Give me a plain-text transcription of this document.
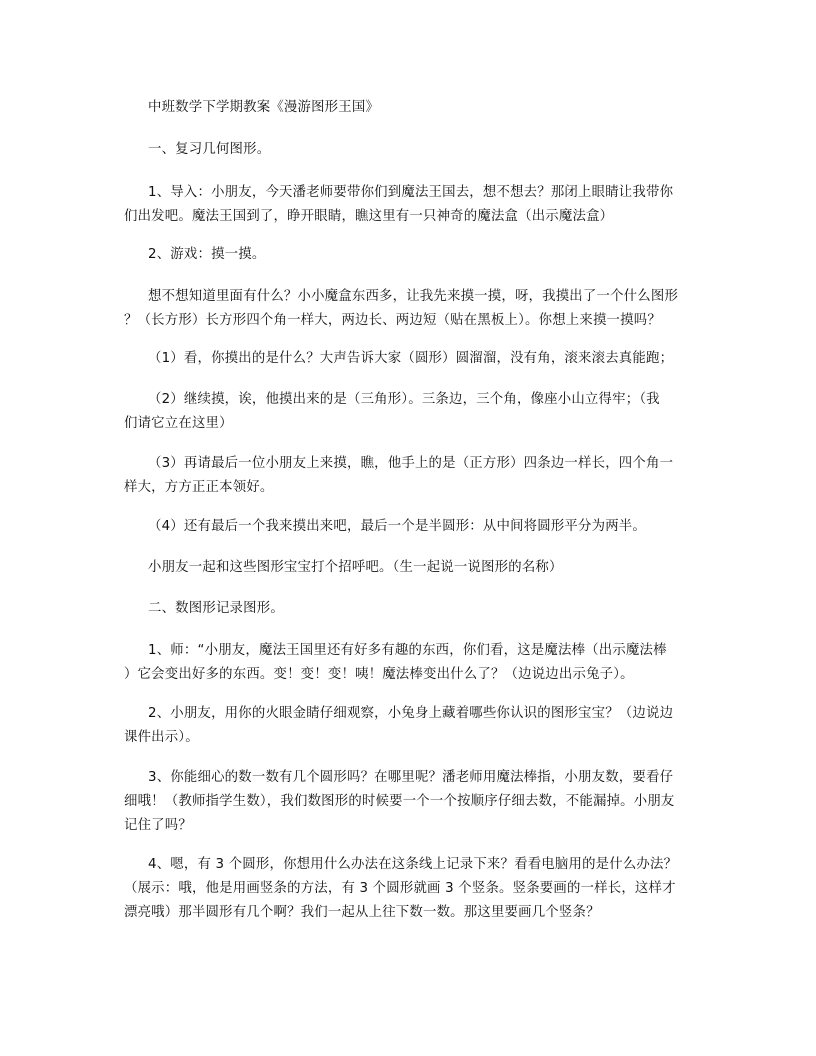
中班数学下学期教案《漫游图形王国》

一、复习几何图形。

1、导入：小朋友，今天潘老师要带你们到魔法王国去，想不想去？那闭上眼睛让我带你
们出发吧。魔法王国到了，睁开眼睛，瞧这里有一只神奇的魔法盒（出示魔法盒）

2、游戏：摸一摸。

想不想知道里面有什么？小小魔盒东西多，让我先来摸一摸，呀，我摸出了一个什么图形
？（长方形）长方形四个角一样大，两边长、两边短（贴在黑板上）。你想上来摸一摸吗？

（1）看，你摸出的是什么？大声告诉大家（圆形）圆溜溜，没有角，滚来滚去真能跑；

（2）继续摸，诶，他摸出来的是（三角形）。三条边，三个角，像座小山立得牢；（我
们请它立在这里）

（3）再请最后一位小朋友上来摸，瞧，他手上的是（正方形）四条边一样长，四个角一
样大，方方正正本领好。

（4）还有最后一个我来摸出来吧，最后一个是半圆形：从中间将圆形平分为两半。

小朋友一起和这些图形宝宝打个招呼吧。（生一起说一说图形的名称）

二、数图形记录图形。

1、师：“小朋友，魔法王国里还有好多有趣的东西，你们看，这是魔法棒（出示魔法棒
）它会变出好多的东西。变！变！变！咦！魔法棒变出什么了？（边说边出示兔子）。

2、小朋友，用你的火眼金睛仔细观察，小兔身上藏着哪些你认识的图形宝宝？（边说边
课件出示）。

3、你能细心的数一数有几个圆形吗？在哪里呢？潘老师用魔法棒指，小朋友数，要看仔
细哦！（教师指学生数），我们数图形的时候要一个一个按顺序仔细去数，不能漏掉。小朋友
记住了吗？

4、嗯，有 3 个圆形，你想用什么办法在这条线上记录下来？看看电脑用的是什么办法？
（展示：哦，他是用画竖条的方法，有 3 个圆形就画 3 个竖条。竖条要画的一样长，这样才
漂亮哦）那半圆形有几个啊？我们一起从上往下数一数。那这里要画几个竖条？
